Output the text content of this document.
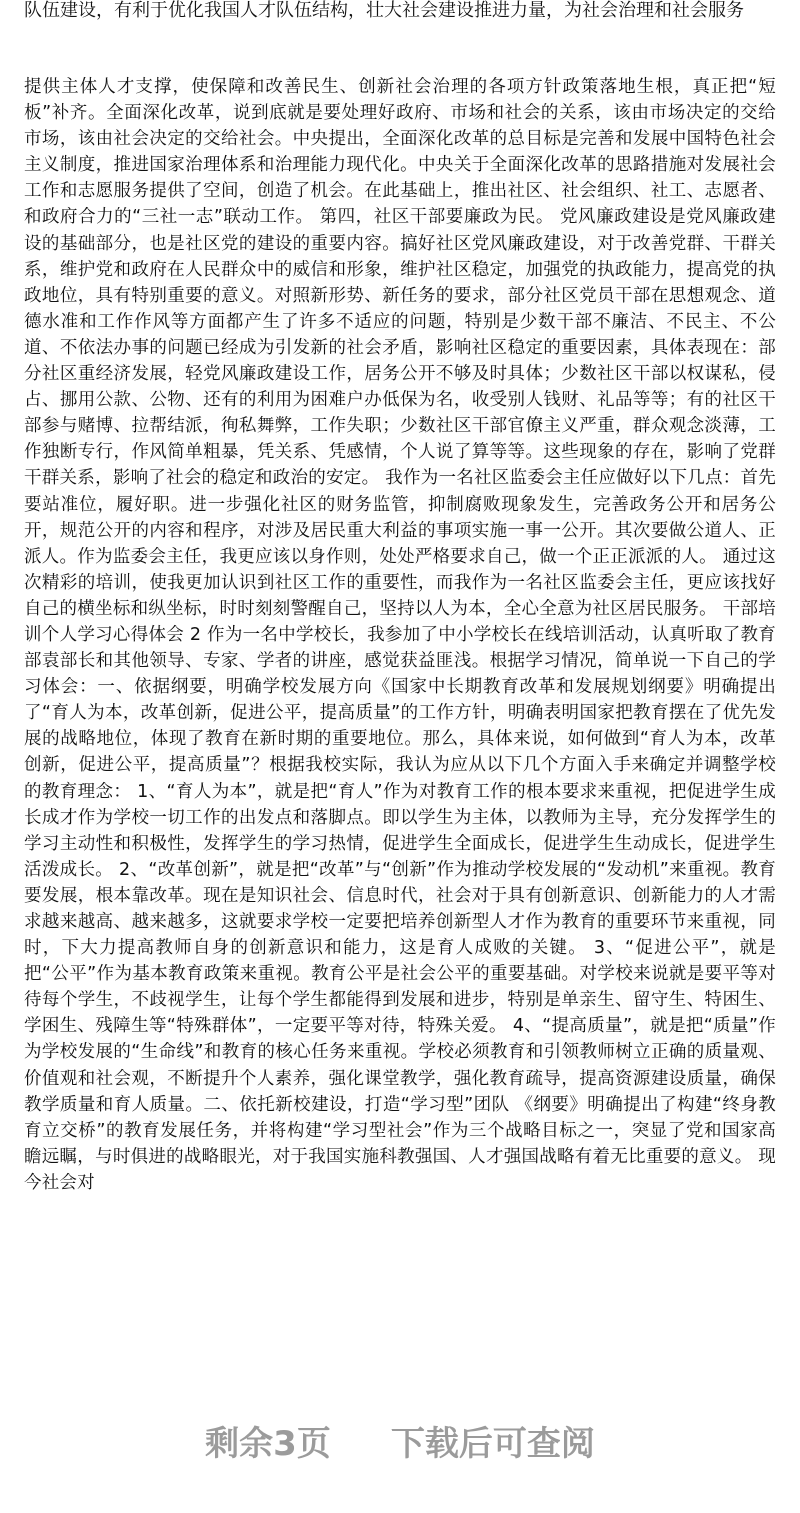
队伍建设，有利于优化我国人才队伍结构，壮大社会建设推进力量，为社会治理和社会服务
提供主体人才支撑，使保障和改善民生、创新社会治理的各项方针政策落地生根，真正把“短板”补齐。全面深化改革，说到底就是要处理好政府、市场和社会的关系，该由市场决定的交给市场，该由社会决定的交给社会。中央提出，全面深化改革的总目标是完善和发展中国特色社会主义制度，推进国家治理体系和治理能力现代化。中央关于全面深化改革的思路措施对发展社会工作和志愿服务提供了空间，创造了机会。在此基础上，推出社区、社会组织、社工、志愿者、和政府合力的“三社一志”联动工作。 第四，社区干部要廉政为民。 党风廉政建设是党风廉政建设的基础部分，也是社区党的建设的重要内容。搞好社区党风廉政建设，对于改善党群、干群关系，维护党和政府在人民群众中的威信和形象，维护社区稳定，加强党的执政能力，提高党的执政地位，具有特别重要的意义。对照新形势、新任务的要求，部分社区党员干部在思想观念、道德水准和工作作风等方面都产生了许多不适应的问题，特别是少数干部不廉洁、不民主、不公道、不依法办事的问题已经成为引发新的社会矛盾，影响社区稳定的重要因素，具体表现在：部分社区重经济发展，轻党风廉政建设工作，居务公开不够及时具体；少数社区干部以权谋私，侵占、挪用公款、公物、还有的利用为困难户办低保为名，收受别人钱财、礼品等等；有的社区干部参与赌博、拉帮结派，徇私舞弊，工作失职；少数社区干部官僚主义严重，群众观念淡薄，工作独断专行，作风简单粗暴，凭关系、凭感情，个人说了算等等。这些现象的存在，影响了党群干群关系，影响了社会的稳定和政治的安定。 我作为一名社区监委会主任应做好以下几点：首先要站准位，履好职。进一步强化社区的财务监管，抑制腐败现象发生，完善政务公开和居务公开，规范公开的内容和程序，对涉及居民重大利益的事项实施一事一公开。其次要做公道人、正派人。作为监委会主任，我更应该以身作则，处处严格要求自己，做一个正正派派的人。 通过这次精彩的培训，使我更加认识到社区工作的重要性，而我作为一名社区监委会主任，更应该找好自己的横坐标和纵坐标，时时刻刻警醒自己，坚持以人为本，全心全意为社区居民服务。 干部培训个人学习心得体会 2 作为一名中学校长，我参加了中小学校长在线培训活动，认真听取了教育部袁部长和其他领导、专家、学者的讲座，感觉获益匪浅。根据学习情况，简单说一下自己的学习体会：一、依据纲要，明确学校发展方向《国家中长期教育改革和发展规划纲要》明确提出了“育人为本，改革创新，促进公平，提高质量”的工作方针，明确表明国家把教育摆在了优先发展的战略地位，体现了教育在新时期的重要地位。那么，具体来说，如何做到“育人为本，改革创新，促进公平，提高质量”？根据我校实际，我认为应从以下几个方面入手来确定并调整学校的教育理念： 1、“育人为本”，就是把“育人”作为对教育工作的根本要求来重视，把促进学生成长成才作为学校一切工作的出发点和落脚点。即以学生为主体，以教师为主导，充分发挥学生的学习主动性和积极性，发挥学生的学习热情，促进学生全面成长，促进学生生动成长，促进学生活泼成长。 2、“改革创新”，就是把“改革”与“创新”作为推动学校发展的“发动机”来重视。教育要发展，根本靠改革。现在是知识社会、信息时代，社会对于具有创新意识、创新能力的人才需求越来越高、越来越多，这就要求学校一定要把培养创新型人才作为教育的重要环节来重视，同时，下大力提高教师自身的创新意识和能力，这是育人成败的关键。 3、“促进公平”，就是把“公平”作为基本教育政策来重视。教育公平是社会公平的重要基础。对学校来说就是要平等对待每个学生，不歧视学生，让每个学生都能得到发展和进步，特别是单亲生、留守生、特困生、学困生、残障生等“特殊群体”，一定要平等对待，特殊关爱。 4、“提高质量”，就是把“质量”作为学校发展的“生命线”和教育的核心任务来重视。学校必须教育和引领教师树立正确的质量观、价值观和社会观，不断提升个人素养，强化课堂教学，强化教育疏导，提高资源建设质量，确保教学质量和育人质量。二、依托新校建设，打造“学习型”团队 《纲要》明确提出了构建“终身教育立交桥”的教育发展任务，并将构建“学习型社会”作为三个战略目标之一，突显了党和国家高瞻远瞩，与时俱进的战略眼光，对于我国实施科教强国、人才强国战略有着无比重要的意义。 现今社会对
剩余3页 下载后可查阅
